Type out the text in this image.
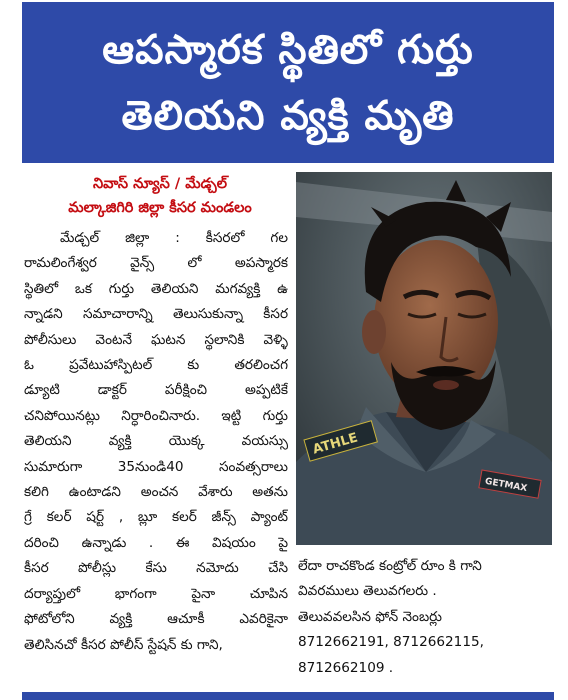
ఆపస్మారక స్థితిలో గుర్తు
తెలియని వ్యక్తి మృతి
నివాస్ న్యూస్ / మేడ్చల్
మల్కాజిగిరి జిల్లా కీసర మండలం
మేడ్చల్ జిల్లా : కీసరలో గల
రామలింగేశ్వర వైన్స్ లో అపస్మారక
స్థితిలో ఒక గుర్తు తెలియని మగవ్యక్తి ఉ
న్నాడని సమాచారాన్ని తెలుసుకున్నా కీసర
పోలీసులు వెంటనే ఘటన స్థలానికి వెళ్ళి
ఓ ప్రవేటుహాస్పిటల్ కు తరలించగ
డ్యూటి డాక్టర్ పరీక్షించి అప్పటికే
చనిపోయినట్లు నిర్ధారించినారు. ఇట్టి గుర్తు
తెలియని వ్యక్తి యొక్క వయస్సు
సుమారుగా 35నుండి40 సంవత్సరాలు
కలిగి ఉంటాడని అంచన వేశారు అతను
గ్రే కలర్ షర్ట్ , బ్లూ కలర్ జీన్స్ ప్యాంట్
దరించి ఉన్నాడు . ఈ విషయం పై
కీసర పోలీస్లు కేసు నమోదు చేసి
దర్యాప్తులో భాగంగా పైనా చూపిన
ఫోటోలోని వ్యక్తి ఆచూకీ ఎవరికైనా
తెలిసినచో కీసర పోలీస్ స్టేషన్ కు గాని,
ATHLE
GETMAX
లేదా రాచకొండ కంట్రోల్ రూం కి గాని
వివరములు తెలువగలరు .
తెలువవలసిన ఫోన్ నెంబర్లు
8712662191, 8712662115,
8712662109 .
